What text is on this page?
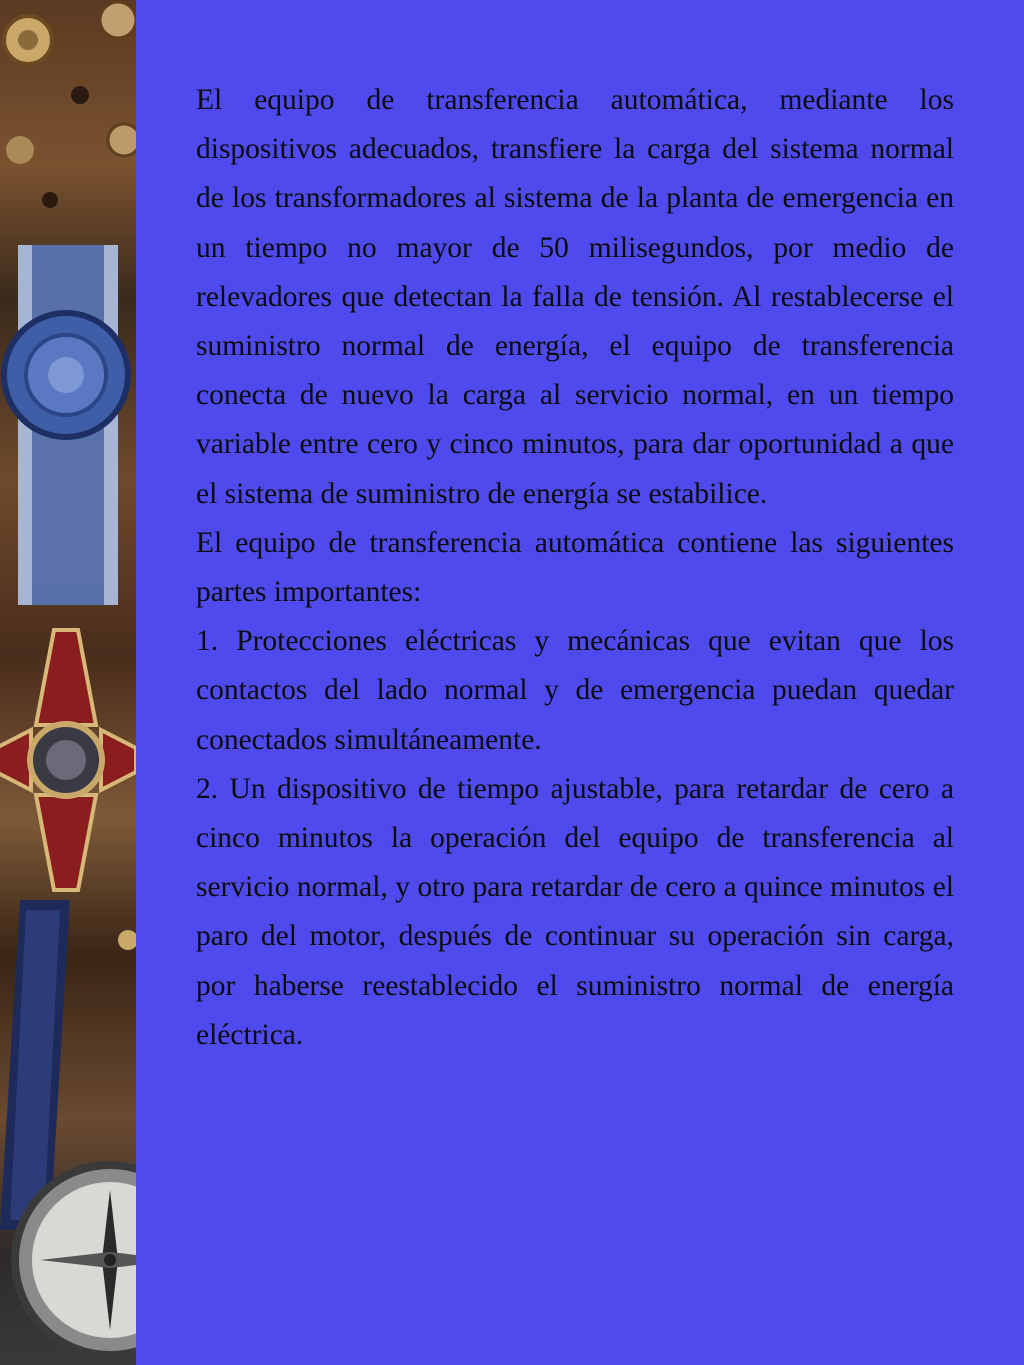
El equipo de transferencia automática, mediante los dispositivos adecuados, transfiere la carga del sistema normal de los transformadores al sistema de la planta de emergencia en un tiempo no mayor de 50 milisegundos, por medio de relevadores que detectan la falla de tensión. Al restablecerse el suministro normal de energía, el equipo de transferencia conecta de nuevo la carga al servicio normal, en un tiempo variable entre cero y cinco minutos, para dar oportunidad a que el sistema de suministro de energía se estabilice.

El equipo de transferencia automática contiene las siguientes partes importantes:

1. Protecciones eléctricas y mecánicas que evitan que los contactos del lado normal y de emergencia puedan quedar conectados simultáneamente.

2. Un dispositivo de tiempo ajustable, para retardar de cero a cinco minutos la operación del equipo de transferencia al servicio normal, y otro para retardar de cero a quince minutos el paro del motor, después de continuar su operación sin carga, por haberse reestablecido el suministro normal de energía eléctrica.
